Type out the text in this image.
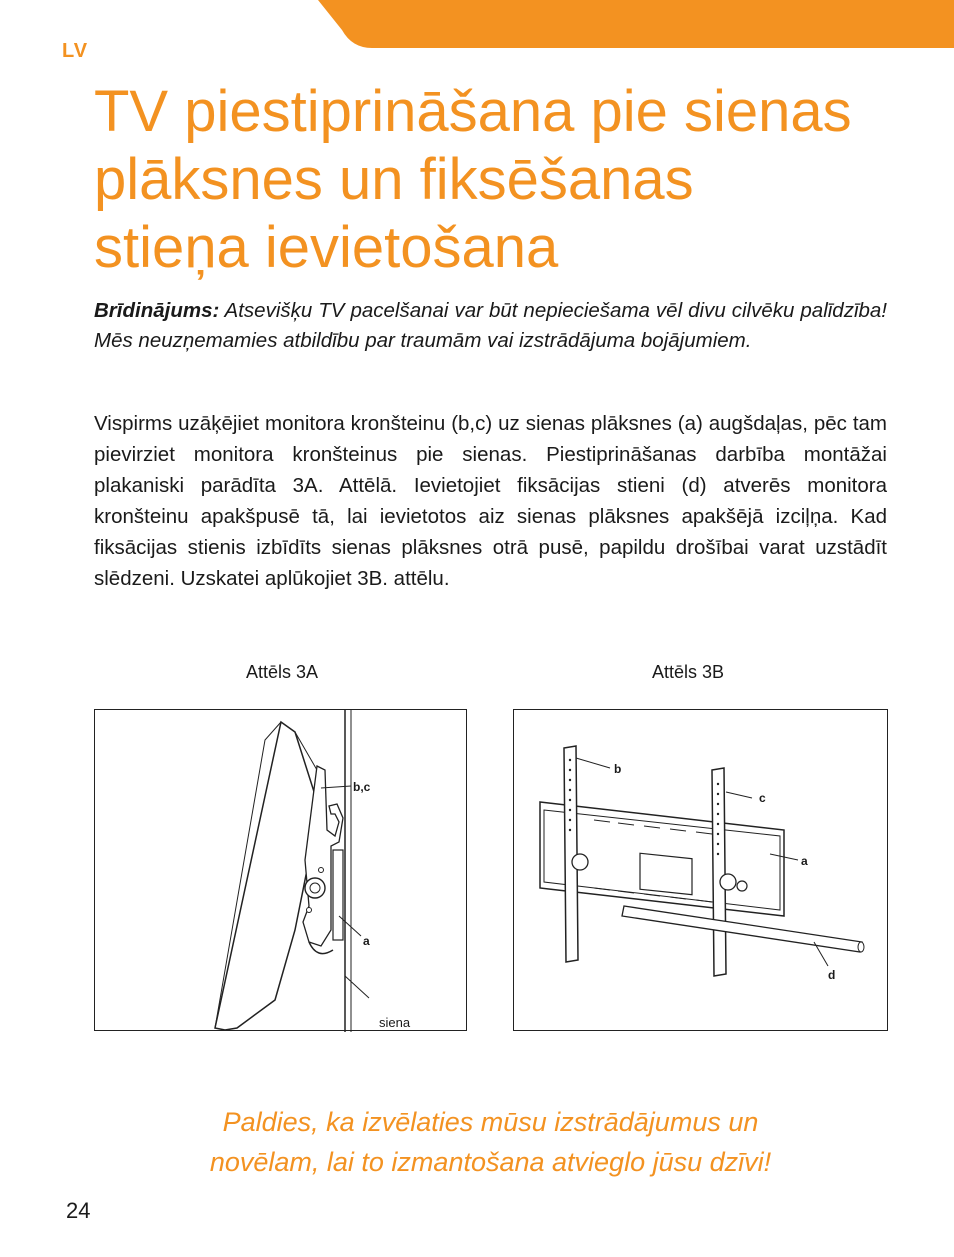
LV
TV piestiprināšana pie sienas
plāksnes un fiksēšanas
stieņa ievietošana

Brīdinājums: Atsevišķu TV pacelšanai var būt nepieciešama vēl divu cilvēku palīdzība! Mēs neuzņemamies atbildību par traumām vai izstrādājuma bojājumiem.

Vispirms uzāķējiet monitora kronšteinu (b,c) uz sienas plāksnes (a) augšdaļas, pēc tam pievirziet monitora kronšteinus pie sienas. Piestiprināšanas darbība montāžai plakaniski parādīta 3A. Attēlā. Ievietojiet fiksācijas stieni (d) atverēs monitora kronšteinu apakšpusē tā, lai ievietotos aiz sienas plāksnes apakšējā izciļņa. Kad fiksācijas stienis izbīdīts sienas plāksnes otrā pusē, papildu drošībai varat uzstādīt slēdzeni. Uzskatei aplūkojiet 3B. attēlu.

Attēls 3A	Attēls 3B
b,c
a
siena
b
c
a
d

Paldies, ka izvēlaties mūsu izstrādājumus un
novēlam, lai to izmantošana atvieglo jūsu dzīvi!

24
